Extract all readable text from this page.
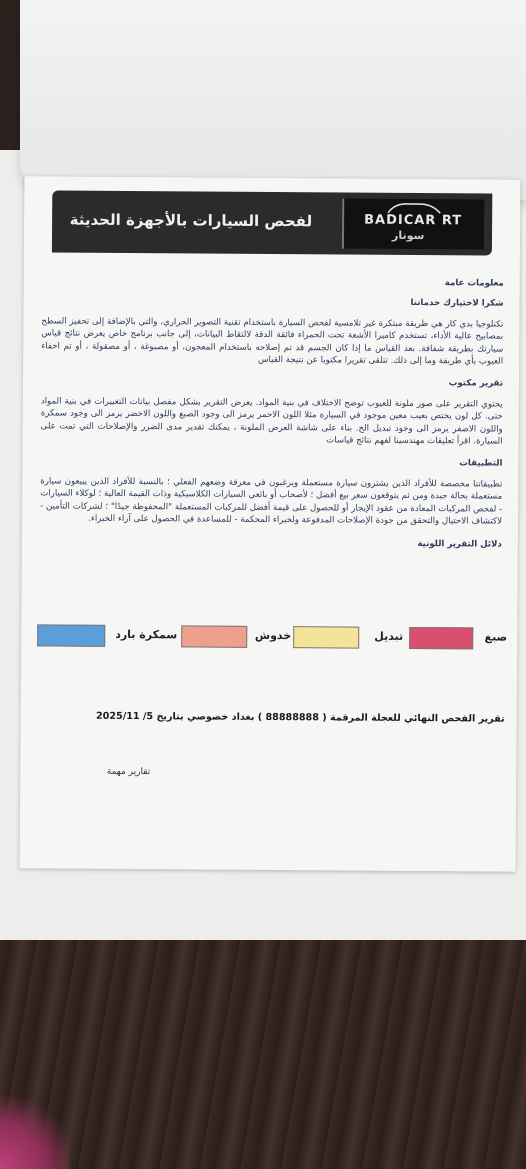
لفحص السيارات بالأجهزة الحديثة	BADICAR RT
سونار
معلومات عامة
شكرا لاختيارك خدماتنا
تكنلوجيا بدي كار هي طريقة مبتكرة غير تلامسية لفحص السيارة باستخدام تقنية التصوير الحراري، والتي بالإضافة إلى تحفيز السطح بمصابيح عالية الأداء، تستخدم كاميرا الأشعة تحت الحمراء فائقة الدقة لالتقاط البيانات، إلى جانب برنامج خاص يعرض نتائج قياس سيارتك بطريقة شفافة. بعد القياس ما إذا كان الجسم قد تم إصلاحه باستخدام المعجون، أو مصبوغة ، أو مصقولة ، أو تم اخفاء العيوب بأي طريقة وما إلى ذلك. تتلقى تقريرا مكتوبا عن نتيجة القياس
تقرير مكتوب
يحتوي التقرير على صور ملونة للعيوب توضح الاختلاف في بنية المواد. يعرض التقرير بشكل مفصل بيانات التغييرات في بنية المواد حتى. كل لون يختص بعيب معين موجود في السيارة مثلا اللون الاحمر يرمز الى وجود الصبغ واللون الاخضر يرمز الى وجود سمكرة واللون الاصفر يرمز الى وجود تبديل الخ. بناء على شاشة العرض الملونة ، يمكنك تقدير مدى الضرر والإصلاحات التي تمت على السيارة. اقرأ تعليقات مهندسينا لفهم نتائج قياسات
التطبيقات
تطبيقاتنا مخصصة للأفراد الذين يشترون سيارة مستعملة ويرغبون في معرفة وضعهم الفعلي ؛ بالنسبة للأفراد الذين يبيعون سيارة مستعملة بحالة جيدة ومن ثم يتوقعون سعر بيع أفضل ؛ لأصحاب أو بائعي السيارات الكلاسيكية وذات القيمة العالية ؛ لوكلاء السيارات - لفحص المركبات المعادة من عقود الإيجار أو للحصول على قيمة أفضل للمركبات المستعملة "المحفوظة جيدًا" ؛ لشركات التأمين - لاكتشاف الاحتيال والتحقق من جودة الإصلاحات المدفوعة ولخبراء المحكمة - للمساعدة في الحصول على آراء الخبراء.
دلائل التقرير اللونية
صبغ
تبديل
خدوش
سمكرة بارد
تقرير الفحص النهائي للعجلة المرقمة ( 88888888 ) بغداد خصوصي بتاريخ 5/ 2025/11
تقارير مهمة
